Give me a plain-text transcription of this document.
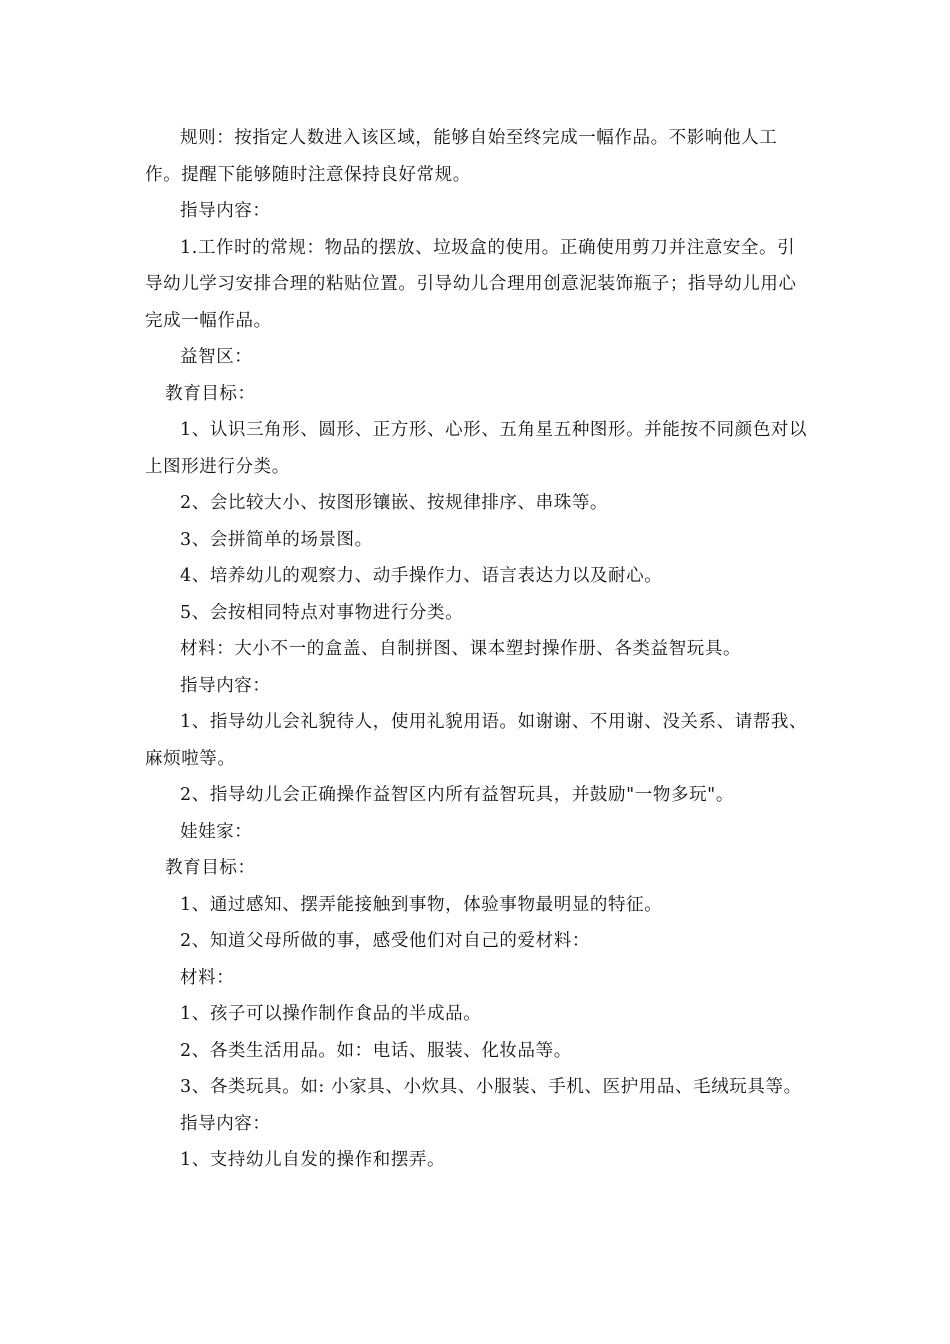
规则：按指定人数进入该区域，能够自始至终完成一幅作品。不影响他人工作。提醒下能够随时注意保持良好常规。

指导内容：

1.工作时的常规：物品的摆放、垃圾盒的使用。正确使用剪刀并注意安全。引导幼儿学习安排合理的粘贴位置。引导幼儿合理用创意泥装饰瓶子；指导幼儿用心完成一幅作品。

益智区：

教育目标：

1、认识三角形、圆形、正方形、心形、五角星五种图形。并能按不同颜色对以上图形进行分类。

2、会比较大小、按图形镶嵌、按规律排序、串珠等。

3、会拼简单的场景图。

4、培养幼儿的观察力、动手操作力、语言表达力以及耐心。

5、会按相同特点对事物进行分类。

材料：大小不一的盒盖、自制拼图、课本塑封操作册、各类益智玩具。

指导内容：

1、指导幼儿会礼貌待人，使用礼貌用语。如谢谢、不用谢、没关系、请帮我、麻烦啦等。

2、指导幼儿会正确操作益智区内所有益智玩具，并鼓励"一物多玩"。

娃娃家：

教育目标：

1、通过感知、摆弄能接触到事物，体验事物最明显的特征。

2、知道父母所做的事，感受他们对自己的爱材料：

材料：

1、孩子可以操作制作食品的半成品。

2、各类生活用品。如：电话、服装、化妆品等。

3、各类玩具。如: 小家具、小炊具、小服装、手机、医护用品、毛绒玩具等。

指导内容：

1、支持幼儿自发的操作和摆弄。
